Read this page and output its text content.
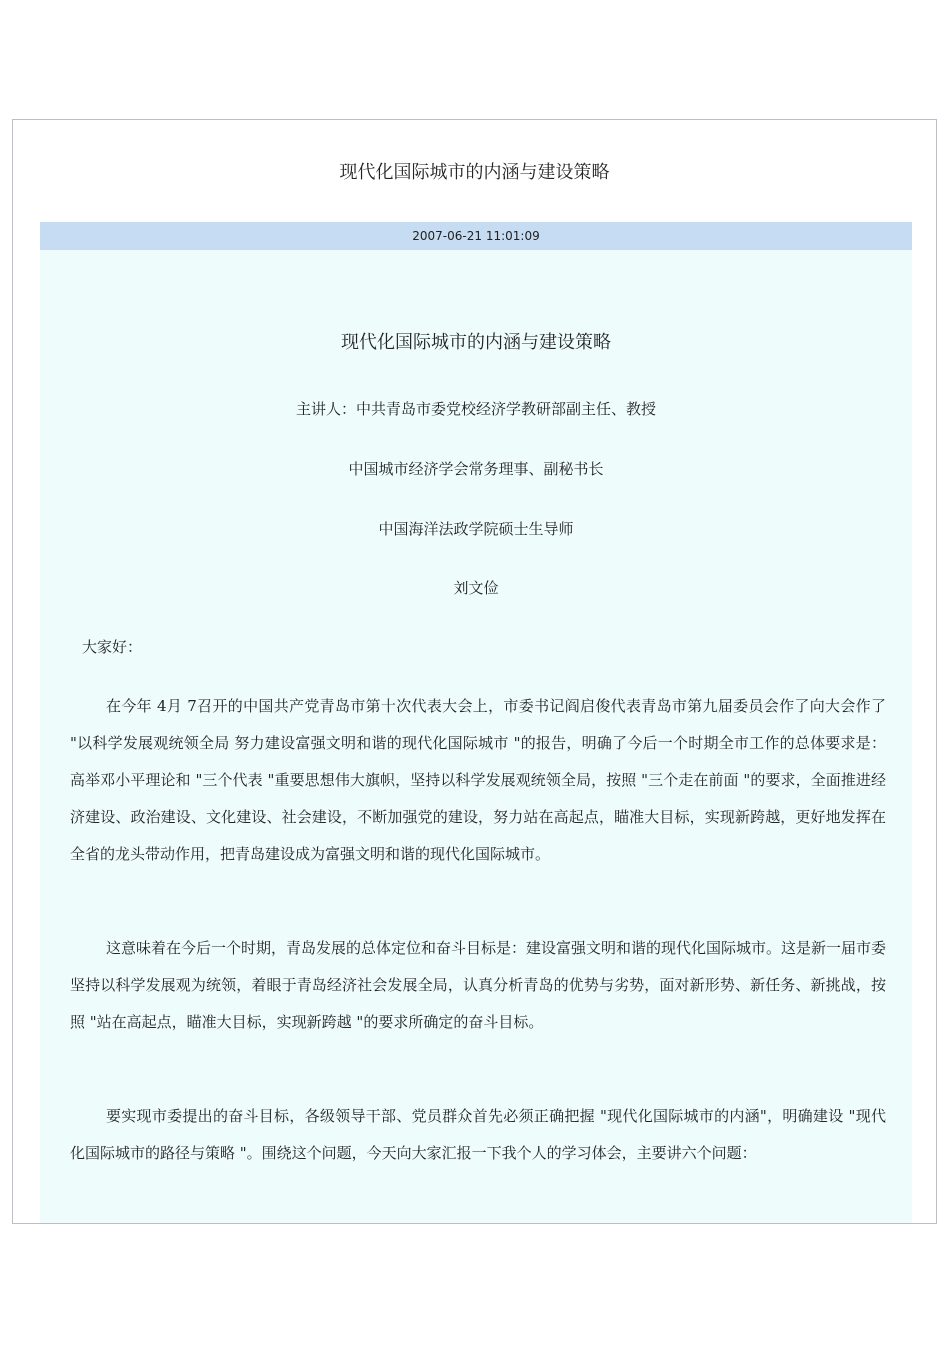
现代化国际城市的内涵与建设策略
2007-06-21 11:01:09
现代化国际城市的内涵与建设策略
主讲人：中共青岛市委党校经济学教研部副主任、教授
中国城市经济学会常务理事、副秘书长
中国海洋法政学院硕士生导师
刘文俭
大家好：

在今年 4月 7召开的中国共产党青岛市第十次代表大会上，市委书记阎启俊代表青岛市第九届委员会作了向大会作了 "以科学发展观统领全局 努力建设富强文明和谐的现代化国际城市 "的报告，明确了今后一个时期全市工作的总体要求是：高举邓小平理论和 "三个代表 "重要思想伟大旗帜，坚持以科学发展观统领全局，按照 "三个走在前面 "的要求，全面推进经济建设、政治建设、文化建设、社会建设，不断加强党的建设，努力站在高起点，瞄准大目标，实现新跨越，更好地发挥在全省的龙头带动作用，把青岛建设成为富强文明和谐的现代化国际城市。

这意味着在今后一个时期，青岛发展的总体定位和奋斗目标是：建设富强文明和谐的现代化国际城市。这是新一届市委坚持以科学发展观为统领，着眼于青岛经济社会发展全局，认真分析青岛的优势与劣势，面对新形势、新任务、新挑战，按照 "站在高起点，瞄准大目标，实现新跨越 "的要求所确定的奋斗目标。

要实现市委提出的奋斗目标，各级领导干部、党员群众首先必须正确把握 "现代化国际城市的内涵"，明确建设 "现代化国际城市的路径与策略 "。围绕这个问题，今天向大家汇报一下我个人的学习体会，主要讲六个问题：
